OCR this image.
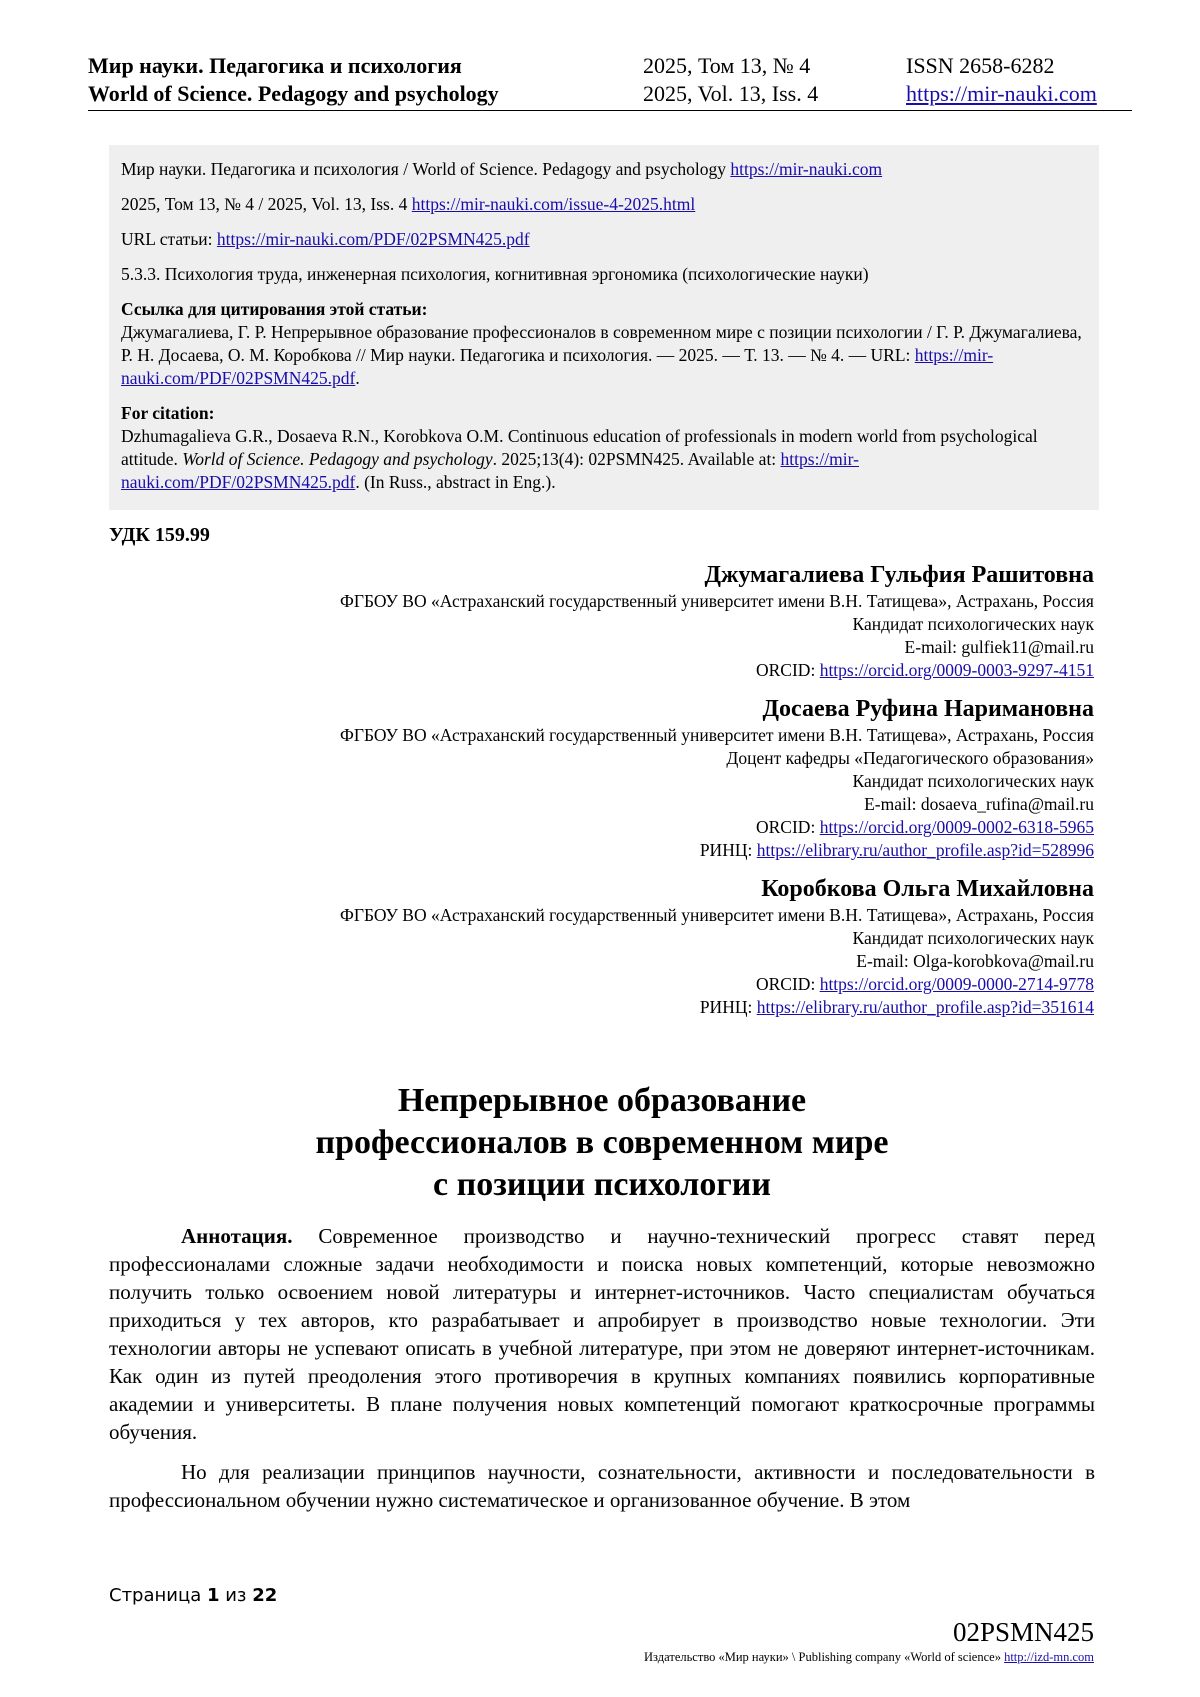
Мир науки. Педагогика и психология
World of Science. Pedagogy and psychology
2025, Том 13, № 4
2025, Vol. 13, Iss. 4
ISSN 2658-6282
https://mir-nauki.com

Мир науки. Педагогика и психология / World of Science. Pedagogy and psychology https://mir-nauki.com

2025, Том 13, № 4 / 2025, Vol. 13, Iss. 4 https://mir-nauki.com/issue-4-2025.html

URL статьи: https://mir-nauki.com/PDF/02PSMN425.pdf

5.3.3. Психология труда, инженерная психология, когнитивная эргономика (психологические науки)

Ссылка для цитирования этой статьи:

Джумагалиева, Г. Р. Непрерывное образование профессионалов в современном мире с позиции психологии / Г. Р. Джумагалиева, Р. Н. Досаева, О. М. Коробкова // Мир науки. Педагогика и психология. — 2025. — Т. 13. — № 4. — URL: https://mir-nauki.com/PDF/02PSMN425.pdf.

For citation:

Dzhumagalieva G.R., Dosaeva R.N., Korobkova O.M. Continuous education of professionals in modern world from psychological attitude. World of Science. Pedagogy and psychology. 2025;13(4): 02PSMN425. Available at: https://mir-nauki.com/PDF/02PSMN425.pdf. (In Russ., abstract in Eng.).

УДК 159.99
Джумагалиева Гульфия Рашитовна
ФГБОУ ВО «Астраханский государственный университет имени В.Н. Татищева», Астрахань, Россия
Кандидат психологических наук
E-mail: gulfiek11@mail.ru
ORCID: https://orcid.org/0009-0003-9297-4151
Досаева Руфина Наримановна
ФГБОУ ВО «Астраханский государственный университет имени В.Н. Татищева», Астрахань, Россия
Доцент кафедры «Педагогического образования»
Кандидат психологических наук
E-mail: dosaeva_rufina@mail.ru
ORCID: https://orcid.org/0009-0002-6318-5965
РИНЦ: https://elibrary.ru/author_profile.asp?id=528996
Коробкова Ольга Михайловна
ФГБОУ ВО «Астраханский государственный университет имени В.Н. Татищева», Астрахань, Россия
Кандидат психологических наук
E-mail: Olga-korobkova@mail.ru
ORCID: https://orcid.org/0009-0000-2714-9778
РИНЦ: https://elibrary.ru/author_profile.asp?id=351614
Непрерывное образование
профессионалов в современном мире
с позиции психологии

Аннотация. Современное производство и научно-технический прогресс ставят перед профессионалами сложные задачи необходимости и поиска новых компетенций, которые невозможно получить только освоением новой литературы и интернет-источников. Часто специалистам обучаться приходиться у тех авторов, кто разрабатывает и апробирует в производство новые технологии. Эти технологии авторы не успевают описать в учебной литературе, при этом не доверяют интернет-источникам. Как один из путей преодоления этого противоречия в крупных компаниях появились корпоративные академии и университеты. В плане получения новых компетенций помогают краткосрочные программы обучения.

Но для реализации принципов научности, сознательности, активности и последовательности в профессиональном обучении нужно систематическое и организованное обучение. В этом

Страница 1 из 22
02PSMN425
Издательство «Мир науки» \ Publishing company «World of science» http://izd-mn.com
